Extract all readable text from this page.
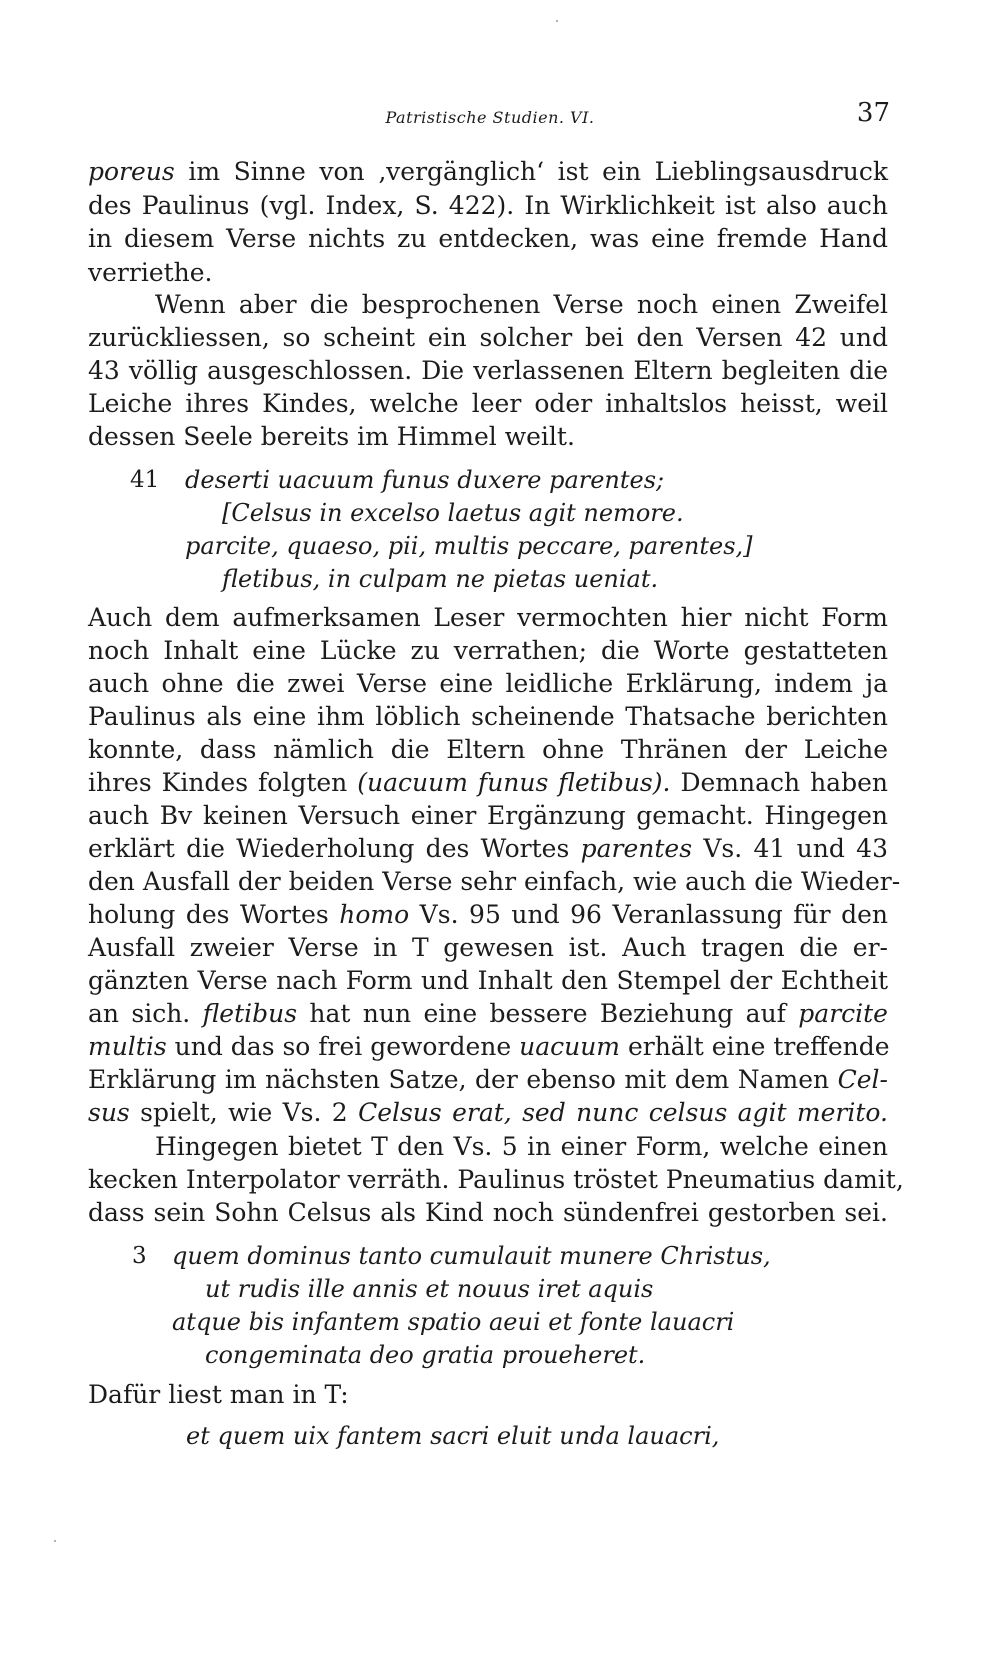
Patristische Studien. VI.	37
poreus im Sinne von ‚vergänglich‘ ist ein Lieblingsausdruck
des Paulinus (vgl. Index, S. 422). In Wirklichkeit ist also auch
in diesem Verse nichts zu entdecken, was eine fremde Hand
verriethe.
Wenn aber die besprochenen Verse noch einen Zweifel
zurückliessen, so scheint ein solcher bei den Versen 42 und
43 völlig ausgeschlossen. Die verlassenen Eltern begleiten die
Leiche ihres Kindes, welche leer oder inhaltslos heisst, weil
dessen Seele bereits im Himmel weilt.
41 deserti uacuum funus duxere parentes;
[Celsus in excelso laetus agit nemore.
parcite, quaeso, pii, multis peccare, parentes,]
fletibus, in culpam ne pietas ueniat.
Auch dem aufmerksamen Leser vermochten hier nicht Form
noch Inhalt eine Lücke zu verrathen; die Worte gestatteten
auch ohne die zwei Verse eine leidliche Erklärung, indem ja
Paulinus als eine ihm löblich scheinende Thatsache berichten
konnte, dass nämlich die Eltern ohne Thränen der Leiche
ihres Kindes folgten (uacuum funus fletibus). Demnach haben
auch Bv keinen Versuch einer Ergänzung gemacht. Hingegen
erklärt die Wiederholung des Wortes parentes Vs. 41 und 43
den Ausfall der beiden Verse sehr einfach, wie auch die Wieder-
holung des Wortes homo Vs. 95 und 96 Veranlassung für den
Ausfall zweier Verse in T gewesen ist. Auch tragen die er-
gänzten Verse nach Form und Inhalt den Stempel der Echtheit
an sich. fletibus hat nun eine bessere Beziehung auf parcite
multis und das so frei gewordene uacuum erhält eine treffende
Erklärung im nächsten Satze, der ebenso mit dem Namen Cel-
sus spielt, wie Vs. 2 Celsus erat, sed nunc celsus agit merito.
Hingegen bietet T den Vs. 5 in einer Form, welche einen
kecken Interpolator verräth. Paulinus tröstet Pneumatius damit,
dass sein Sohn Celsus als Kind noch sündenfrei gestorben sei.
3 quem dominus tanto cumulauit munere Christus,
ut rudis ille annis et nouus iret aquis
atque bis infantem spatio aeui et fonte lauacri
congeminata deo gratia proueheret.
Dafür liest man in T:
et quem uix fantem sacri eluit unda lauacri,
